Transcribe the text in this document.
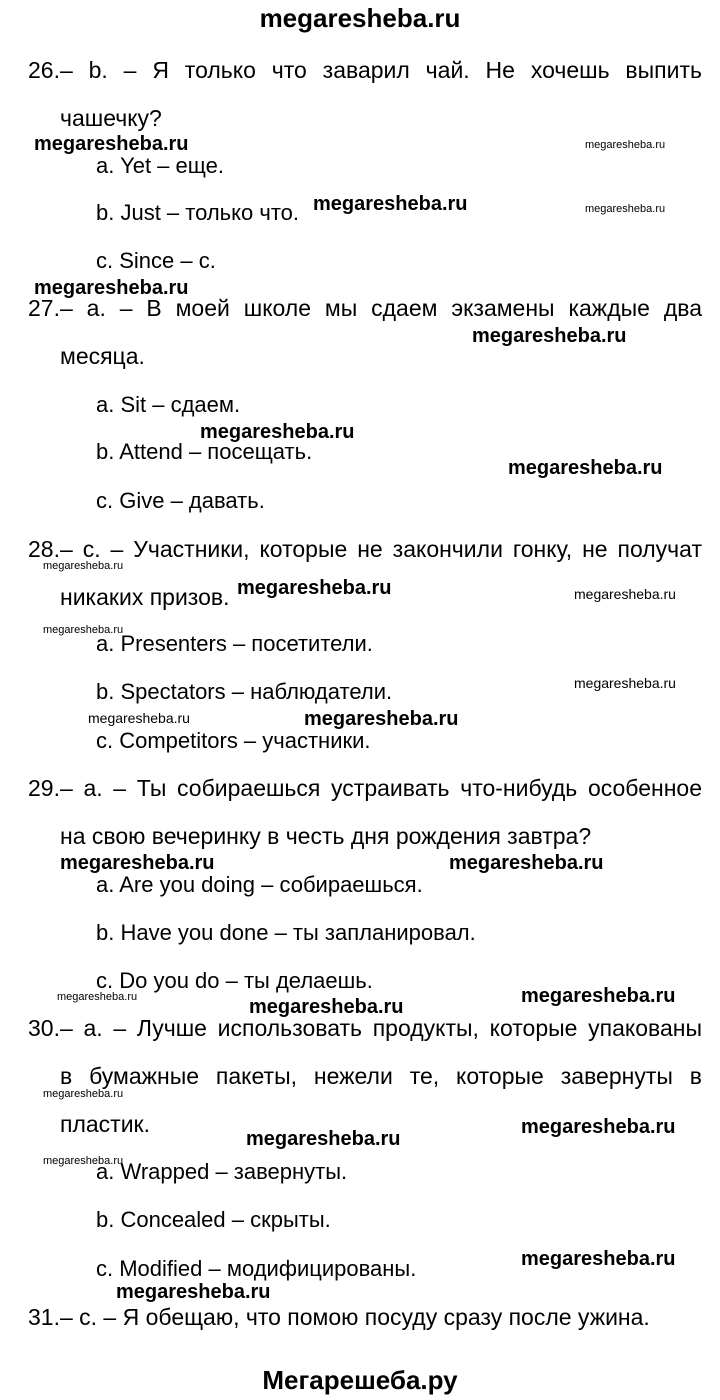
megaresheba.ru
26.– b. – Я только что заварил чай. Не хочешь выпить
чашечку?
a. Yet – еще.
b. Just – только что.
c. Since – с.
27.– a. – В моей школе мы сдаем экзамены каждые два
месяца.
a. Sit – сдаем.
b. Attend – посещать.
c. Give – давать.
28.– c. – Участники, которые не закончили гонку, не получат
никаких призов.
a. Presenters – посетители.
b. Spectators – наблюдатели.
c. Competitors – участники.
29.– a. – Ты собираешься устраивать что-нибудь особенное
на свою вечеринку в честь дня рождения завтра?
a. Are you doing – собираешься.
b. Have you done – ты запланировал.
c. Do you do – ты делаешь.
30.– a. – Лучше использовать продукты, которые упакованы
в бумажные пакеты, нежели те, которые завернуты в
пластик.
a. Wrapped – завернуты.
b. Concealed – скрыты.
c. Modified – модифицированы.
31.– c. – Я обещаю, что помою посуду сразу после ужина.
megaresheba.ru	megaresheba.ru
megaresheba.ru	megaresheba.ru
megaresheba.ru
megaresheba.ru
megaresheba.ru
megaresheba.ru
megaresheba.ru
megaresheba.ru	megaresheba.ru
megaresheba.ru
megaresheba.ru
megaresheba.ru	megaresheba.ru
megaresheba.ru	megaresheba.ru
megaresheba.ru	megaresheba.ru	megaresheba.ru
megaresheba.ru
megaresheba.ru
megaresheba.ru
megaresheba.ru
megaresheba.ru
megaresheba.ru
Мегарешеба.ру
